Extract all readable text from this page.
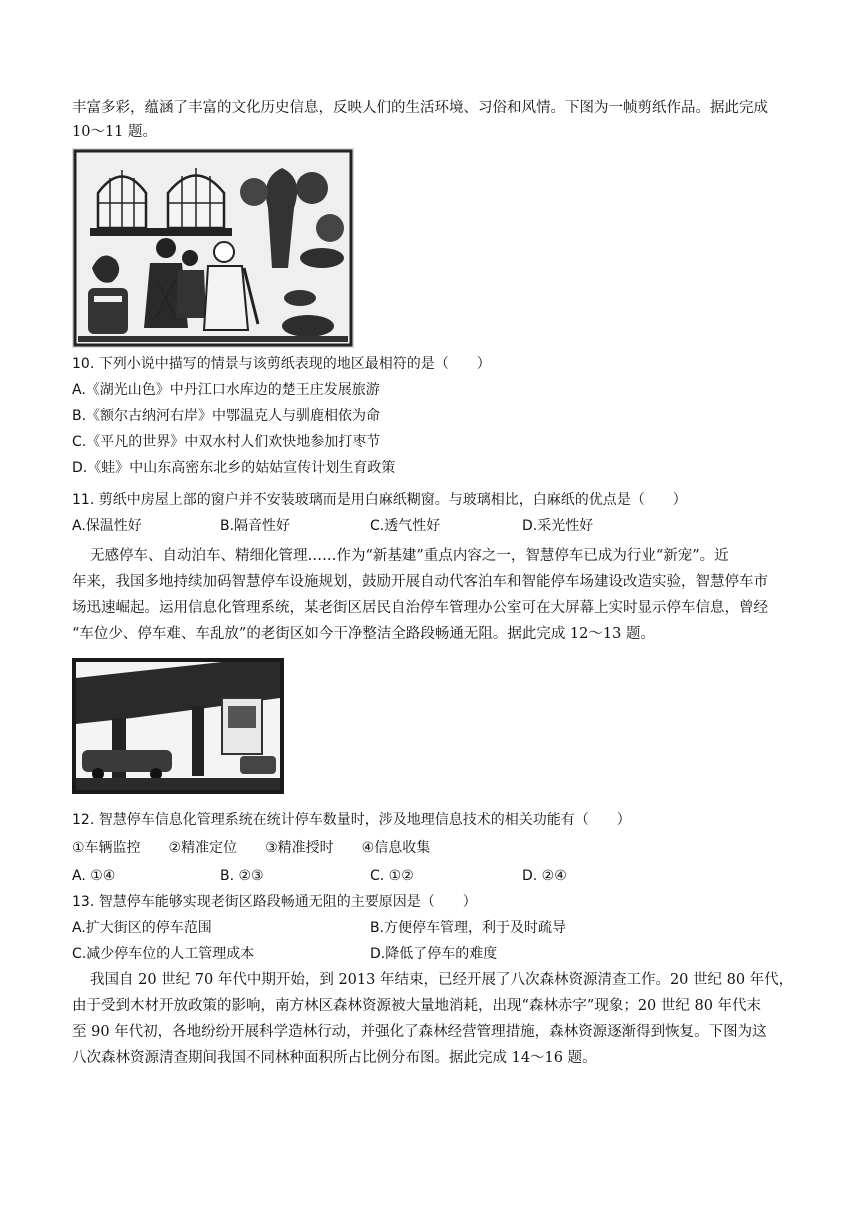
丰富多彩，蕴涵了丰富的文化历史信息，反映人们的生活环境、习俗和风情。下图为一帧剪纸作品。据此完成
10～11 题。
10. 下列小说中描写的情景与该剪纸表现的地区最相符的是（　　）
A.《湖光山色》中丹江口水库边的楚王庄发展旅游
B.《额尔古纳河右岸》中鄂温克人与驯鹿相依为命
C.《平凡的世界》中双水村人们欢快地参加打枣节
D.《蛙》中山东高密东北乡的姑姑宣传计划生育政策
11. 剪纸中房屋上部的窗户并不安装玻璃而是用白麻纸糊窗。与玻璃相比，白麻纸的优点是（　　）
A.保温性好	B.隔音性好	C.透气性好	D.采光性好
无感停车、自动泊车、精细化管理……作为“新基建”重点内容之一，智慧停车已成为行业“新宠”。近
年来，我国多地持续加码智慧停车设施规划，鼓励开展自动代客泊车和智能停车场建设改造实验，智慧停车市
场迅速崛起。运用信息化管理系统，某老街区居民自治停车管理办公室可在大屏幕上实时显示停车信息，曾经
“车位少、停车难、车乱放”的老街区如今干净整洁全路段畅通无阻。据此完成 12～13 题。
12. 智慧停车信息化管理系统在统计停车数量时，涉及地理信息技术的相关功能有（　　）
①车辆监控　　②精准定位　　③精准授时　　④信息收集
A. ①④	B. ②③	C. ①②	D. ②④
13. 智慧停车能够实现老街区路段畅通无阻的主要原因是（　　）
A.扩大街区的停车范围	B.方便停车管理，利于及时疏导
C.减少停车位的人工管理成本	D.降低了停车的难度
我国自 20 世纪 70 年代中期开始，到 2013 年结束，已经开展了八次森林资源清查工作。20 世纪 80 年代，
由于受到木材开放政策的影响，南方林区森林资源被大量地消耗，出现“森林赤字”现象；20 世纪 80 年代末
至 90 年代初，各地纷纷开展科学造林行动，并强化了森林经营管理措施，森林资源逐渐得到恢复。下图为这
八次森林资源清查期间我国不同林种面积所占比例分布图。据此完成 14～16 题。
